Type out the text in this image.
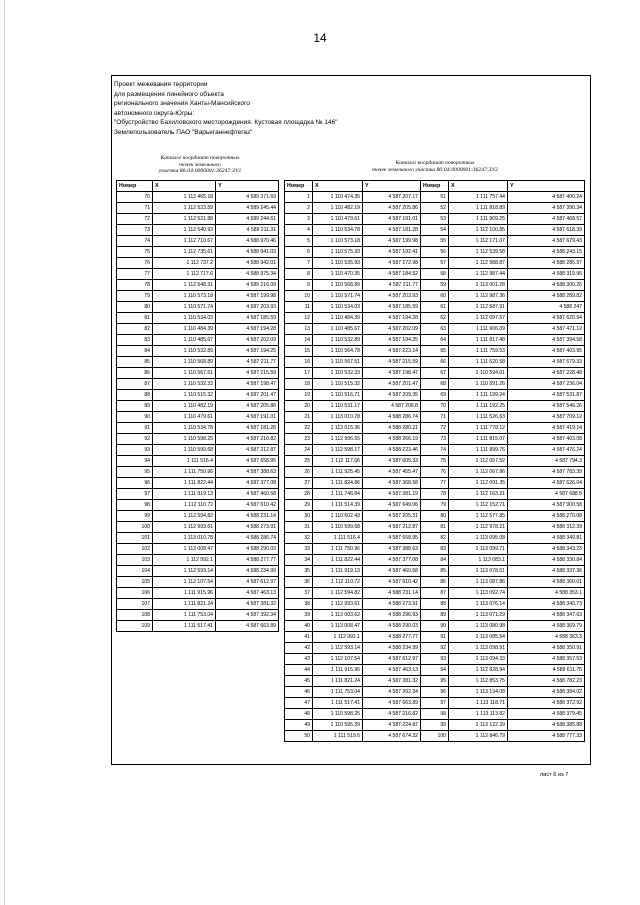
14
Проект межевания территории
для размещения линейного объекта
регионального значения Ханты-Мансийского
автономного округа-Югры:
"Обустройство Бахиловского месторождения. Кустовая площадка № 146"
Землепользователь ПАО "Варьеганнефтегаз"
Каталог координат поворотных
точек земельного
участка 86:04:0000001:36247:ЗУ1
Каталог координат поворотных
точек земельного участка 86:04:0000001:36247:ЗУ2
Номер	X	Y
70	1 112 465.18	4 589 371.69
71	1 112 523.59	4 589 245.44
72	1 112 521.88	4 589 244.61
73	1 112 540.93	4 589 211.31
74	1 112 710.67	4 588 970.46
75	1 112 735.61	4 588 941.03
76	1 112 737.2	4 588 942.01
77	1 112 717.6	4 588 975.34
78	1 112 548.31	4 589 216.09
79	1 110 573.18	4 587 199.98
80	1 110 571.74	4 587 203.93
81	1 110 534.03	4 587 185.59
82	1 110 484.39	4 587 194.28
83	1 110 485.67	4 587 202.09
84	1 110 532.89	4 587 194.25
85	1 110 568.89	4 587 211.77
86	1 110 567.51	4 587 215.59
87	1 110 532.33	4 587 198.47
88	1 110 515.32	4 587 201.47
89	1 110 482.19	4 587 205.86
90	1 110 479.61	4 587 191.01
91	1 110 534.78	4 587 181.28
92	1 110 598.25	4 587 216.82
93	1 110 599.68	4 587 212.87
94	1 111 516.4	4 587 658.95
95	1 111 750.96	4 587 388.63
96	1 111 822.44	4 587 377.08
97	1 111 919.13	4 587 460.58
98	1 112 110.72	4 587 610.42
99	1 112 594.82	4 588 231.14
100	1 112 993.61	4 588 273.91
101	1 113 010.78	4 588 286.74
102	1 113 008.47	4 588 290.03
103	1 112 992.1	4 588 277.77
104	1 112 593.14	4 588 234.99
105	1 112 107.54	4 587 612.97
106	1 111 915.96	4 587 463.13
107	1 111 821.24	4 587 381.32
108	1 111 753.04	4 587 392.34
109	1 111 517.41	4 587 663.89
Номер	X	Y	Номер	X	Y
1	1 110 474.35	4 587 207.17	51	1 111 757.44	4 587 400.24
2	1 110 482.19	4 587 205.86	52	1 111 818.89	4 587 390.34
3	1 110 479.61	4 587 191.01	53	1 111 909.25	4 587 468.57
4	1 110 534.78	4 587 181.28	54	1 112 100.85	4 587 618.39
5	1 110 573.18	4 587 199.98	55	1 112 171.07	4 587 679.43
6	1 110 575.93	4 587 192.41	56	1 112 539.58	4 588 243.15
7	1 110 535.93	4 587 172.98	57	1 112 988.87	4 588 285.97
8	1 110 470.35	4 587 184.52	58	1 112 987.44	4 588 319.96
9	1 110 568.89	4 587 211.77	59	1 113 001.28	4 588 300.26
10	1 110 571.74	4 587 203.93	60	1 112 987.36	4 588 289.82
11	1 110 534.03	4 587 185.59	61	1 112 587.91	4 588 247
12	1 110 484.39	4 587 194.28	62	1 112 097.67	4 587 620.94
13	1 110 485.67	4 587 202.09	63	1 111 906.09	4 587 471.12
14	1 110 532.89	4 587 194.25	64	1 111 817.48	4 587 394.58
15	1 110 564.78	4 587 223.14	65	1 111 759.53	4 587 403.95
16	1 110 567.51	4 587 215.59	66	1 111 520.58	4 587 679.33
17	1 110 532.33	4 587 198.47	67	1 110 594.01	4 587 228.48
18	1 110 515.32	4 587 201.47	68	1 110 591.26	4 587 236.04
19	1 110 516.71	4 587 209.35	69	1 111 199.24	4 587 531.87
20	1 110 531.17	4 587 206.8	70	1 111 192.25	4 587 546.26
21	1 113 010.78	4 588 286.74	71	1 111 526.63	4 587 709.12
22	1 113 015.36	4 588 280.21	72	1 111 778.12	4 587 419.14
23	1 112 996.65	4 588 266.19	73	1 111 815.07	4 587 403.08
24	1 112 598.17	4 588 223.46	74	1 111 899.76	4 587 476.24
25	1 112 117.06	4 587 605.33	75	1 112 057.52	4 587 794.3
26	1 111 925.45	4 587 455.47	76	1 112 067.96	4 587 783.39
27	1 111 824.86	4 587 368.58	77	1 112 091.35	4 587 626.04
28	1 111 746.84	4 587 381.19	78	1 112 163.21	4 587 688.5
29	1 111 514.39	4 587 649.06	79	1 112 152.71	4 587 900.58
30	1 110 602.43	4 587 205.31	80	1 112 577.85	4 588 270.08
31	1 110 599.68	4 587 212.87	81	1 112 978.21	4 588 312.39
32	1 111 516.4	4 587 658.95	82	1 113 095.08	4 588 349.81
33	1 111 750.96	4 587 388.63	83	1 113 099.71	4 588 343.23
34	1 111 822.44	4 587 377.08	84	1 113 083.1	4 588 330.84
35	1 111 919.13	4 587 460.58	85	1 113 078.51	4 588 337.36
36	1 112 110.72	4 587 610.42	86	1 113 087.86	4 588 360.01
37	1 112 594.82	4 588 231.14	87	1 113 092.74	4 588 353.1
38	1 112 993.61	4 588 273.91	88	1 113 076.14	4 588 340.73
39	1 113 003.62	4 588 296.93	89	1 113 071.29	4 588 347.63
40	1 113 008.47	4 588 290.03	90	1 113 080.98	4 588 369.79
41	1 112 992.1	4 588 277.77	91	1 113 085.54	4 588 363.3
42	1 112 593.14	4 588 234.99	92	1 113 098.91	4 588 350.91
43	1 112 107.54	4 587 612.97	93	1 113 094.33	4 588 357.53
44	1 111 915.96	4 587 463.13	94	1 112 828.94	4 589 611.75
45	1 111 821.24	4 587 381.32	95	1 112 853.75	4 588 782.23
46	1 111 753.04	4 587 392.34	96	1 113 134.08	4 588 384.02
47	1 111 517.41	4 587 663.89	97	1 113 118.71	4 588 372.92
48	1 110 598.25	4 587 216.82	98	1 113 113.82	4 588 379.45
49	1 110 595.39	4 587 224.87	99	1 113 122.39	4 588 385.88
50	1 111 519.6	4 587 674.32	100	1 112 846.79	4 588 777.33
лист 6 из 7
